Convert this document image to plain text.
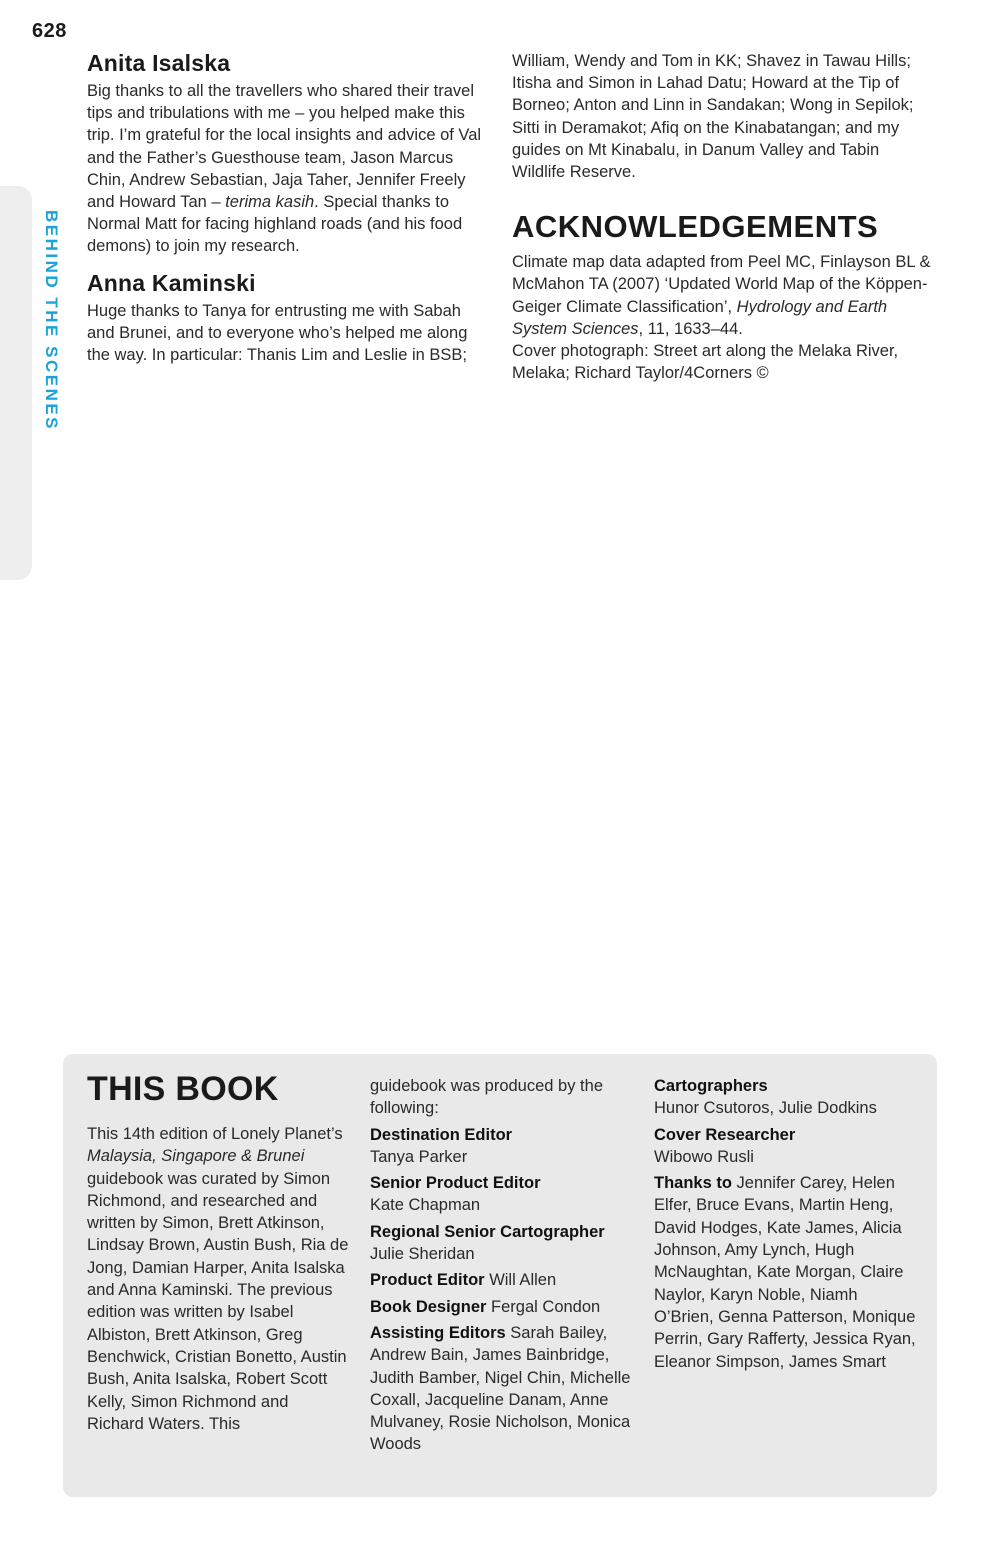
628
BEHIND THE SCENES
Anita Isalska

Big thanks to all the travellers who shared their travel tips and tribulations with me – you helped make this trip. I’m grateful for the local insights and advice of Val and the Father’s Guesthouse team, Jason Marcus Chin, Andrew Sebastian, Jaja Taher, Jennifer Freely and Howard Tan – terima kasih. Special thanks to Normal Matt for facing highland roads (and his food demons) to join my research.

Anna Kaminski

Huge thanks to Tanya for entrusting me with Sabah and Brunei, and to everyone who’s helped me along the way. In particular: Thanis Lim and Leslie in BSB;

William, Wendy and Tom in KK; Shavez in Tawau Hills; Itisha and Simon in Lahad Datu; Howard at the Tip of Borneo; Anton and Linn in Sandakan; Wong in Sepilok; Sitti in Deramakot; Afiq on the Kinabatangan; and my guides on Mt Kinabalu, in Danum Valley and Tabin Wildlife Reserve.

ACKNOWLEDGEMENTS

Climate map data adapted from Peel MC, Finlayson BL & McMahon TA (2007) ‘Updated World Map of the Köppen-Geiger Climate Classification’, Hydrology and Earth System Sciences, 11, 1633–44.

Cover photograph: Street art along the Melaka River, Melaka; Richard Taylor/4Corners ©

THIS BOOK

This 14th edition of Lonely Planet’s Malaysia, Singapore & Brunei guidebook was curated by Simon Richmond, and researched and written by Simon, Brett Atkinson, Lindsay Brown, Austin Bush, Ria de Jong, Damian Harper, Anita Isalska and Anna Kaminski. The previous edition was written by Isabel Albiston, Brett Atkinson, Greg Benchwick, Cristian Bonetto, Austin Bush, Anita Isalska, Robert Scott Kelly, Simon Richmond and Richard Waters. This

guidebook was produced by the following:

Destination Editor
Tanya Parker
Senior Product Editor
Kate Chapman
Regional Senior Cartographer Julie Sheridan
Product Editor Will Allen
Book Designer Fergal Condon
Assisting Editors Sarah Bailey, Andrew Bain, James Bainbridge, Judith Bamber, Nigel Chin, Michelle Coxall, Jacqueline Danam, Anne Mulvaney, Rosie Nicholson, Monica Woods
Cartographers
Hunor Csutoros, Julie Dodkins
Cover Researcher
Wibowo Rusli
Thanks to Jennifer Carey, Helen Elfer, Bruce Evans, Martin Heng, David Hodges, Kate James, Alicia Johnson, Amy Lynch, Hugh McNaughtan, Kate Morgan, Claire Naylor, Karyn Noble, Niamh O’Brien, Genna Patterson, Monique Perrin, Gary Rafferty, Jessica Ryan, Eleanor Simpson, James Smart
